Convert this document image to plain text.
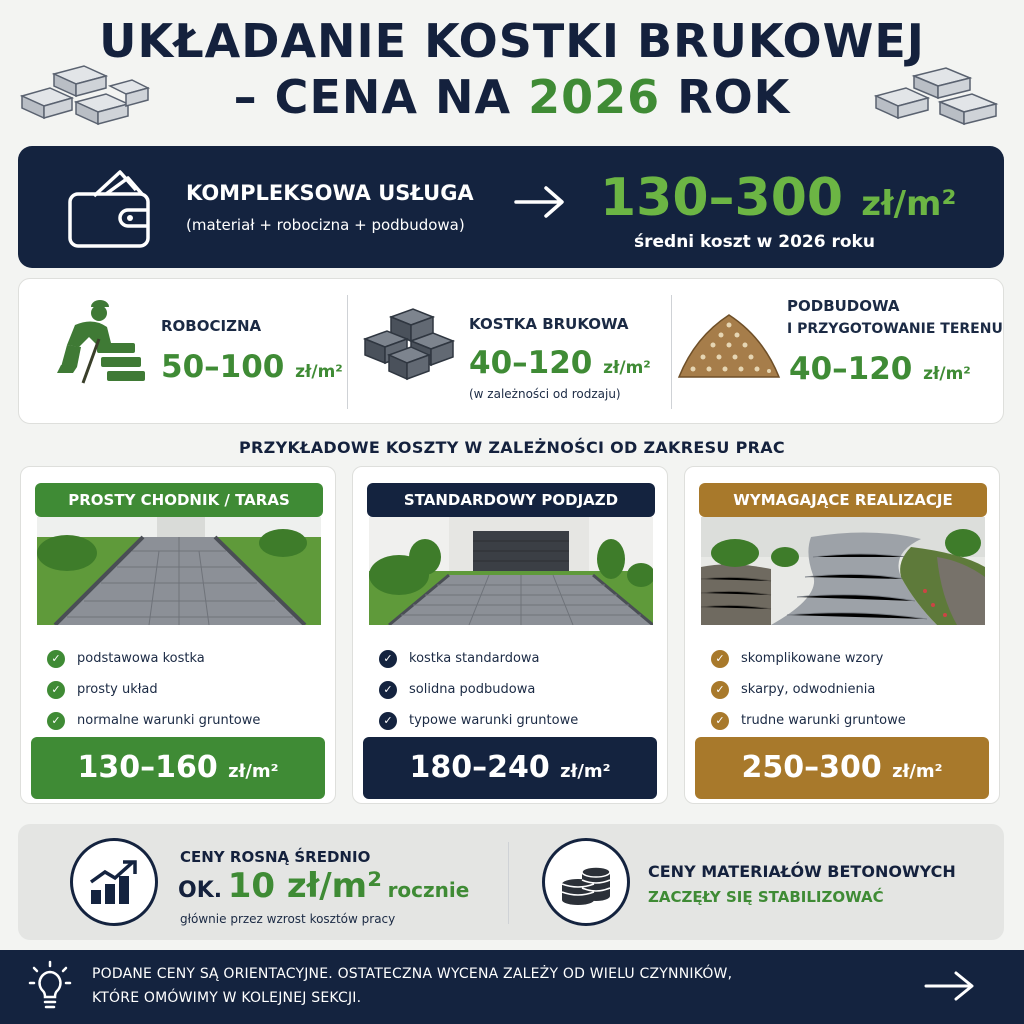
UKŁADANIE KOSTKI BRUKOWEJ
– CENA NA 2026 ROK
KOMPLEKSOWA USŁUGA
(materiał + robocizna + podbudowa)	130–300 zł/m²
średni koszt w 2026 roku
ROBOCIZNA
50–100 zł/m²
KOSTKA BRUKOWA
40–120 zł/m²
(w zależności od rodzaju)
PODBUDOWA
I PRZYGOTOWANIE TERENU
40–120 zł/m²
PRZYKŁADOWE KOSZTY W ZALEŻNOŚCI OD ZAKRESU PRAC
PROSTY CHODNIK / TARAS
✓	podstawowa kostka
✓	prosty układ
✓	normalne warunki gruntowe
130–160 zł/m²
STANDARDOWY PODJAZD
✓	kostka standardowa
✓	solidna podbudowa
✓	typowe warunki gruntowe
180–240 zł/m²
WYMAGAJĄCE REALIZACJE
✓	skomplikowane wzory
✓	skarpy, odwodnienia
✓	trudne warunki gruntowe
250–300 zł/m²
CENY ROSNĄ ŚREDNIO
OK. 10 zł/m² rocznie
głównie przez wzrost kosztów pracy
CENY MATERIAŁÓW BETONOWYCH
ZACZĘŁY SIĘ STABILIZOWAĆ
PODANE CENY SĄ ORIENTACYJNE. OSTATECZNA WYCENA ZALEŻY OD WIELU CZYNNIKÓW,
KTÓRE OMÓWIMY W KOLEJNEJ SEKCJI.
